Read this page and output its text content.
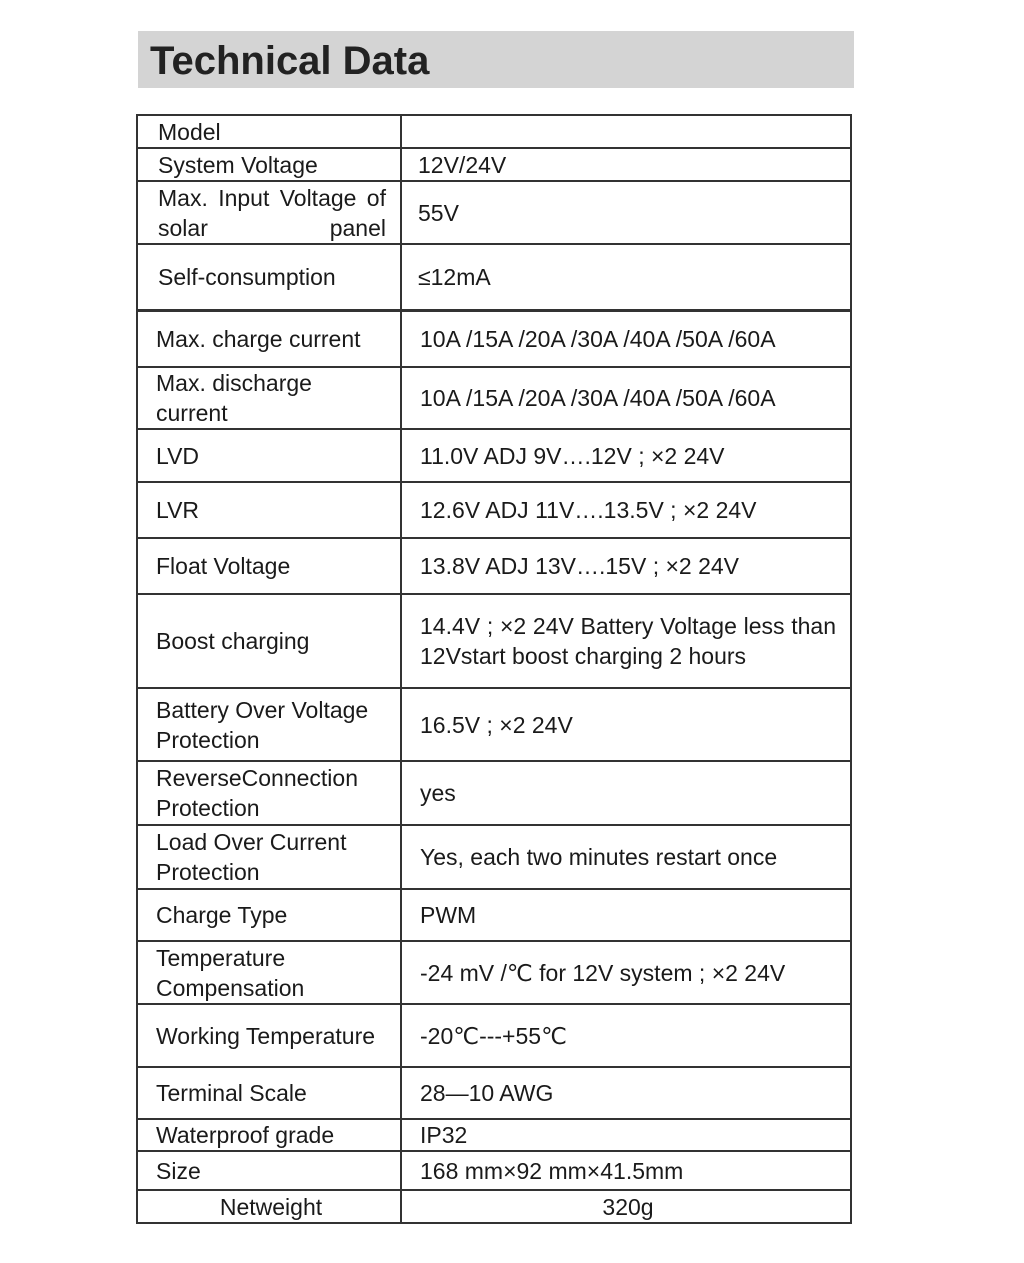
Technical Data
Model	
System Voltage	12V/24V
Max. Input Voltage of solar panel	55V
Self-consumption	≤12mA
Max. charge current	10A /15A /20A /30A /40A /50A /60A
Max. discharge current	10A /15A /20A /30A /40A /50A /60A
LVD	11.0V ADJ 9V….12V ; ×2 24V
LVR	12.6V ADJ 11V….13.5V ; ×2 24V
Float Voltage	13.8V ADJ 13V….15V ; ×2 24V
Boost charging	14.4V ; ×2 24V Battery Voltage less than 12Vstart boost charging 2 hours
Battery Over Voltage Protection	16.5V ; ×2 24V
ReverseConnection Protection	yes
Load Over Current Protection	Yes, each two minutes restart once
Charge Type	PWM
Temperature Compensation	-24 mV /℃ for 12V system ; ×2 24V
Working Temperature	-20℃---+55℃
Terminal Scale	28—10 AWG
Waterproof grade	IP32
Size	168 mm×92 mm×41.5mm
Netweight	320g
